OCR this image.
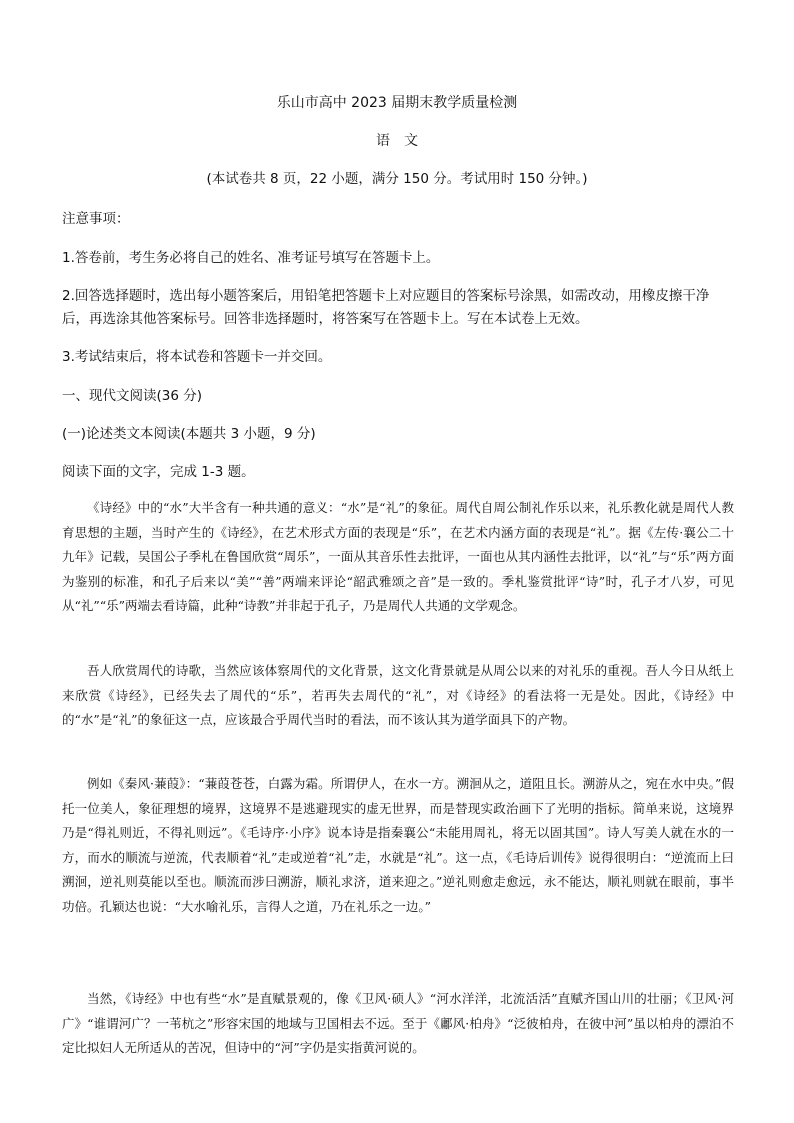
乐山市高中 2023 届期末教学质量检测
语文
(本试卷共 8 页，22 小题，满分 150 分。考试用时 150 分钟。)
注意事项：
1.答卷前，考生务必将自己的姓名、准考证号填写在答题卡上。
2.回答选择题时，选出每小题答案后，用铅笔把答题卡上对应题目的答案标号涂黑，如需改动，用橡皮擦干净
后，再选涂其他答案标号。回答非选择题时，将答案写在答题卡上。写在本试卷上无效。
3.考试结束后，将本试卷和答题卡一并交回。
一、现代文阅读(36 分)
(一)论述类文本阅读(本题共 3 小题，9 分)
阅读下面的文字，完成 1-3 题。
《诗经》中的“水”大半含有一种共通的意义：“水”是“礼”的象征。周代自周公制礼作乐以来，礼乐教化就是周代人教育思想的主题，当时产生的《诗经》，在艺术形式方面的表现是“乐”，在艺术内涵方面的表现是“礼”。据《左传·襄公二十九年》记载，吴国公子季札在鲁国欣赏“周乐”，一面从其音乐性去批评，一面也从其内涵性去批评，以“礼”与“乐”两方面为鉴别的标准，和孔子后来以“美”“善”两端来评论“韶武雅颂之音”是一致的。季札鉴赏批评“诗”时，孔子才八岁，可见从“礼”“乐”两端去看诗篇，此种“诗教”并非起于孔子，乃是周代人共通的文学观念。
吾人欣赏周代的诗歌，当然应该体察周代的文化背景，这文化背景就是从周公以来的对礼乐的重视。吾人今日从纸上来欣赏《诗经》，已经失去了周代的“乐”，若再失去周代的“礼”，对《诗经》的看法将一无是处。因此，《诗经》中的“水”是“礼”的象征这一点，应该最合乎周代当时的看法，而不该认其为道学面具下的产物。
例如《秦风·蒹葭》：“蒹葭苍苍，白露为霜。所谓伊人，在水一方。溯洄从之，道阻且长。溯游从之，宛在水中央。”假托一位美人，象征理想的境界，这境界不是逃避现实的虚无世界，而是替现实政治画下了光明的指标。简单来说，这境界乃是“得礼则近，不得礼则远”。《毛诗序·小序》说本诗是指秦襄公“未能用周礼，将无以固其国”。诗人写美人就在水的一方，而水的顺流与逆流，代表顺着“礼”走或逆着“礼”走，水就是“礼”。这一点，《毛诗后训传》说得很明白：“逆流而上曰溯洄，逆礼则莫能以至也。顺流而涉曰溯游，顺礼求济，道来迎之。”逆礼则愈走愈远，永不能达，顺礼则就在眼前，事半功倍。孔颖达也说：“大水喻礼乐，言得人之道，乃在礼乐之一边。”
当然，《诗经》中也有些“水”是直赋景观的，像《卫风·硕人》“河水洋洋，北流活活”直赋齐国山川的壮丽；《卫风·河广》“谁谓河广？一苇杭之”形容宋国的地域与卫国相去不远。至于《鄘风·柏舟》“泛彼柏舟，在彼中河”虽以柏舟的漂泊不定比拟妇人无所适从的苦况，但诗中的“河”字仍是实指黄河说的。
